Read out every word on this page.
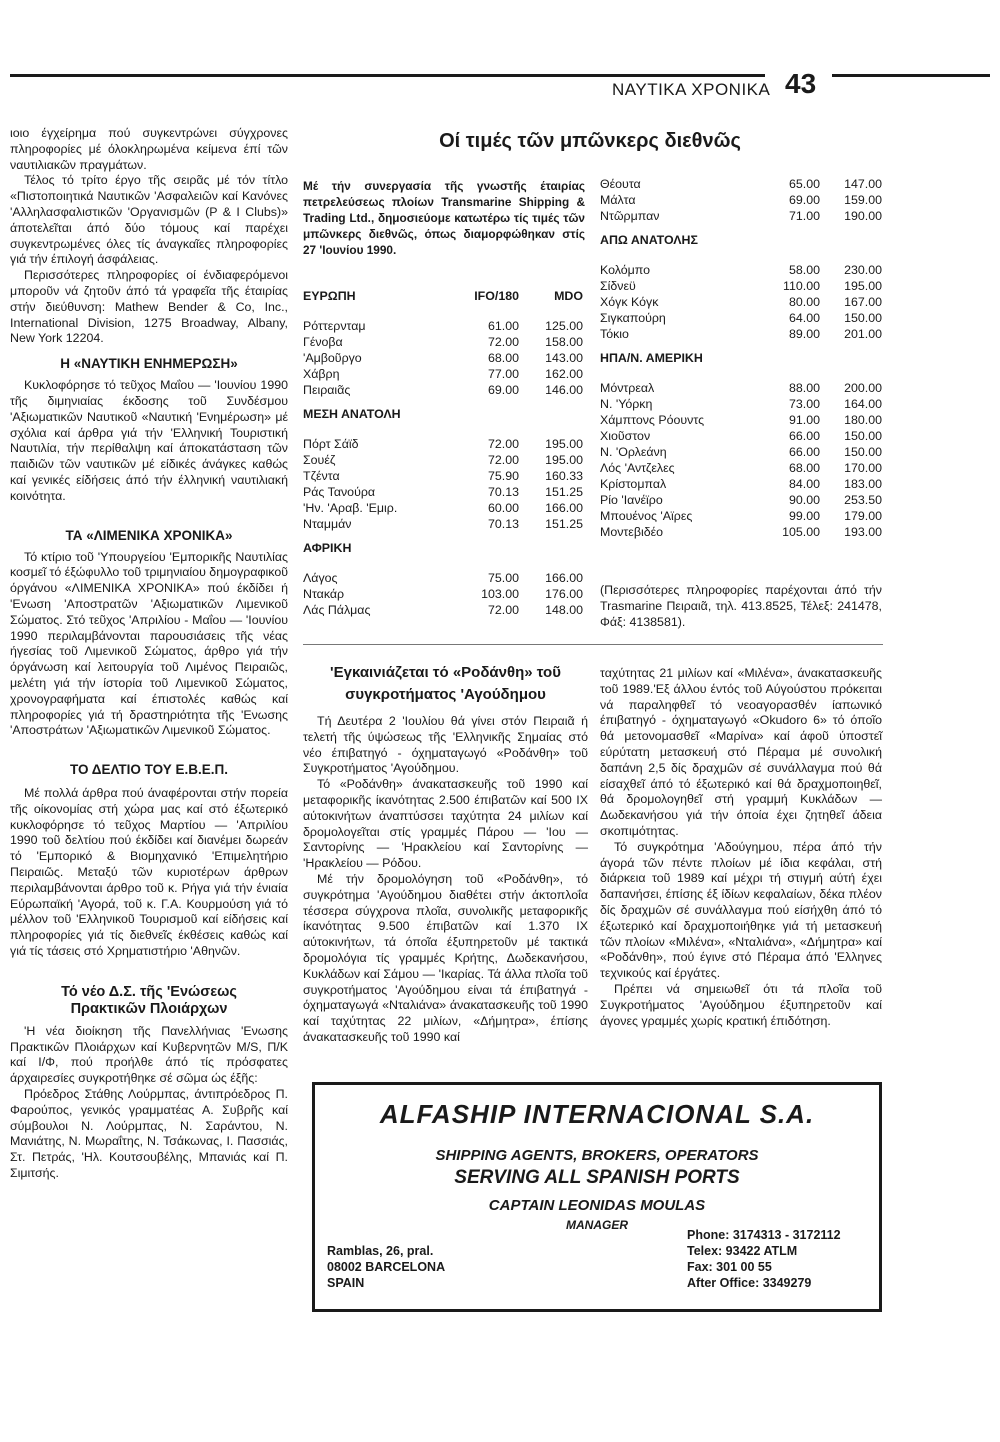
ΝΑΥΤΙΚΑ ΧΡΟΝΙΚΑ 43

ιοιο έγχείρημα πού συγκεντρώνει σύγχρονες πληροφορίες μέ όλοκληρωμένα κείμενα έπί τῶν ναυτιλιακῶν πραγμάτων.

Τέλος τό τρίτο έργο τῆς σειρᾶς μέ τόν τίτλο «Πιστοποιητικά Ναυτικῶν 'Ασφαλειῶν καί Κανόνες 'Αλληλασφαλιστικῶν 'Οργανισμῶν (P & I Clubs)» άποτελεῖται άπό δύο τόμους καί παρέχει συγκεντρωμένες όλες τίς άναγκαῖες πληροφορίες γιά τήν έπιλογή άσφάλειας.

Περισσότερες πληροφορίες οί ένδιαφερόμενοι μποροῦν νά ζητοῦν άπό τά γραφεῖα τῆς έταιρίας στήν διεύθυνση: Mathew Bender & Co, Inc., International Division, 1275 Broadway, Albany, New York 12204.

Η «ΝΑΥΤΙΚΗ ΕΝΗΜΕΡΩΣΗ»

Κυκλοφόρησε τό τεῦχος Μαΐου — 'Ιουνίου 1990 τῆς διμηνιαίας έκδοσης τοῦ Συνδέσμου 'Αξιωματικῶν Ναυτικοῦ «Ναυτική 'Ενημέρωση» μέ σχόλια καί άρθρα γιά τήν 'Ελληνική Τουριστική Ναυτιλία, τήν περίθαλψη καί άποκατάσταση τῶν παιδιῶν τῶν ναυτικῶν μέ είδικές άνάγκες καθώς καί γενικές είδήσεις άπό τήν έλληνική ναυτιλιακή κοινότητα.

ΤΑ «ΛΙΜΕΝΙΚΑ ΧΡΟΝΙΚΑ»

Τό κτίριο τοῦ 'Υπουργείου 'Εμπορικῆς Ναυτιλίας κοσμεῖ τό έξώφυλλο τοῦ τριμηνιαίου δημογραφικοῦ όργάνου «ΛΙΜΕΝΙΚΑ ΧΡΟΝΙΚΑ» πού έκδίδει ή 'Ενωση 'Αποστρατῶν 'Αξιωματικῶν Λιμενικοῦ Σώματος. Στό τεῦχος 'Απριλίου - Μαΐου — 'Ιουνίου 1990 περιλαμβάνονται παρουσιάσεις τῆς νέας ήγεσίας τοῦ Λιμενικοῦ Σώματος, άρθρο γιά τήν όργάνωση καί λειτουργία τοῦ Λιμένος Πειραιῶς, μελέτη γιά τήν ίστορία τοῦ Λιμενικοῦ Σώματος, χρονογραφήματα καί έπιστολές καθώς καί πληροφορίες γιά τή δραστηριότητα τῆς 'Ενωσης 'Αποστράτων 'Αξιωματικῶν Λιμενικοῦ Σώματος.

ΤΟ ΔΕΛΤΙΟ ΤΟΥ Ε.Β.Ε.Π.

Μέ πολλά άρθρα πού άναφέρονται στήν πορεία τῆς οίκονομίας στή χώρα μας καί στό έξωτερικό κυκλοφόρησε τό τεῦχος Μαρτίου — 'Απριλίου 1990 τοῦ δελτίου πού έκδίδει καί διανέμει δωρεάν τό 'Εμπορικό & Βιομηχανικό 'Επιμελητήριο Πειραιῶς. Μεταξύ τῶν κυριοτέρων άρθρων περιλαμβάνονται άρθρο τοῦ κ. Ρήγα γιά τήν ένιαία Εύρωπαϊκή 'Αγορά, τοῦ κ. Γ.Α. Κουρμούση γιά τό μέλλον τοῦ 'Ελληνικοῦ Τουρισμοῦ καί είδήσεις καί πληροφορίες γιά τίς διεθνεῖς έκθέσεις καθώς καί γιά τίς τάσεις στό Χρηματιστήριο 'Αθηνῶν.

Τό νέο Δ.Σ. τῆς 'Ενώσεως
Πρακτικῶν Πλοιάρχων

'Η νέα διοίκηση τῆς Πανελλήνιας 'Ενωσης Πρακτικῶν Πλοιάρχων καί Κυβερνητῶν M/S, Π/Κ καί Ι/Φ, πού προήλθε άπό τίς πρόσφατες άρχαιρεσίες συγκροτήθηκε σέ σῶμα ώς έξῆς:

Πρόεδρος Στάθης Λούρμπας, άντιπρόεδρος Π. Φαρούπος, γενικός γραμματέας Α. Συβρῆς καί σύμβουλοι Ν. Λούρμπας, Ν. Σαράντου, Ν. Μανιάτης, Ν. Μωραΐτης, Ν. Τσάκωνας, Ι. Πασσιάς, Στ. Πετράς, 'Ηλ. Κουτσουβέλης, Μπανιάς καί Π. Σιμιτσής.

Οί τιμές τῶν μπῶνκερς διεθνῶς
Μέ τήν συνεργασία τῆς γνωστῆς έταιρίας πετρελεύσεως πλοίων Transmarine Shipping & Trading Ltd., δημοσιεύομε κατωτέρω τίς τιμές τῶν μπῶνκερς διεθνῶς, όπως διαμορφώθηκαν στίς 27 'Ιουνίου 1990.
ΕΥΡΩΠΗ	IFO/180	MDO

Ρόττερνταμ	61.00	125.00
Γένοβα	72.00	158.00
'Αμβοῦργο	68.00	143.00
Χάβρη	77.00	162.00
Πειραιᾶς	69.00	146.00

ΜΕΣΗ ΑΝΑΤΟΛΗ		

Πόρτ Σάϊδ	72.00	195.00
Σουέζ	72.00	195.00
Τζέντα	75.90	160.33
Ράς Τανούρα	70.13	151.25
'Ην. 'Αραβ. 'Εμιρ.	60.00	166.00
Νταμμάν	70.13	151.25

ΑΦΡΙΚΗ		

Λάγος	75.00	166.00
Ντακάρ	103.00	176.00
Λάς Πάλμας	72.00	148.00
Θέουτα	65.00	147.00
Μάλτα	69.00	159.00
Ντῶρμπαν	71.00	190.00

ΑΠΩ ΑΝΑΤΟΛΗΣ		

Κολόμπο	58.00	230.00
Σίδνεϋ	110.00	195.00
Χόγκ Κόγκ	80.00	167.00
Σιγκαπούρη	64.00	150.00
Τόκιο	89.00	201.00

ΗΠΑ/Ν. ΑΜΕΡΙΚΗ		

Μόντρεαλ	88.00	200.00
Ν. 'Υόρκη	73.00	164.00
Χάμπτονς Ρόουντς	91.00	180.00
Χιοῦστον	66.00	150.00
Ν. 'Ορλεάνη	66.00	150.00
Λός 'Αντζελες	68.00	170.00
Κρίστομπαλ	84.00	183.00
Ρίο 'Ιανέϊρο	90.00	253.50
Μπουένος 'Αϊρες	99.00	179.00
Μοντεβιδέο	105.00	193.00
(Περισσότερες πληροφορίες παρέχονται άπό τήν Trasmarine Πειραιᾶ, τηλ. 413.8525, Τέλεξ: 241478, Φάξ: 4138581).
'Εγκαινιάζεται τό «Ροδάνθη» τοῦ
συγκροτήματος 'Αγούδημου

Τή Δευτέρα 2 'Ιουλίου θά γίνει στόν Πειραιᾶ ή τελετή τῆς ύψώσεως τῆς 'Ελληνικῆς Σημαίας στό νέο έπιβατηγό - όχηματαγωγό «Ροδάνθη» τοῦ Συγκροτήματος 'Αγούδημου.

Τό «Ροδάνθη» άνακατασκευῆς τοῦ 1990 καί μεταφορικῆς ίκανότητας 2.500 έπιβατῶν καί 500 ΙΧ αύτοκινήτων άναπτύσσει ταχύτητα 24 μιλίων καί δρομολογεῖται στίς γραμμές Πάρου — 'Ιου — Σαντορίνης — 'Ηρακλείου καί Σαντορίνης — 'Ηρακλείου — Ρόδου.

Μέ τήν δρομολόγηση τοῦ «Ροδάνθη», τό συγκρότημα 'Αγούδημου διαθέτει στήν άκτοπλοΐα τέσσερα σύγχρονα πλοῖα, συνολικῆς μεταφορικῆς ίκανότητας 9.500 έπιβατῶν καί 1.370 ΙΧ αύτοκινήτων, τά όποῖα έξυπηρετοῦν μέ τακτικά δρομολόγια τίς γραμμές Κρήτης, Δωδεκανήσου, Κυκλάδων καί Σάμου — 'Ικαρίας. Τά άλλα πλοῖα τοῦ συγκροτήματος 'Αγούδημου είναι τά έπιβατηγά - όχηματαγωγά «Νταλιάνα» άνακατασκευῆς τοῦ 1990 καί ταχύτητας 22 μιλίων, «Δήμητρα», έπίσης άνακατασκευῆς τοῦ 1990 καί

ταχύτητας 21 μιλίων καί «Μιλένα», άνακατασκευῆς τοῦ 1989.'Εξ άλλου έντός τοῦ Αύγούστου πρόκειται νά παραληφθεῖ τό νεοαγορασθέν ίαπωνικό έπιβατηγό - όχηματαγωγό «Okudoro 6» τό όποῖο θά μετονομασθεῖ «Μαρίνα» καί άφοῦ ύποστεῖ εύρύτατη μετασκευή στό Πέραμα μέ συνολική δαπάνη 2,5 δίς δραχμῶν σέ συνάλλαγμα πού θά είσαχθεῖ άπό τό έξωτερικό καί θά δραχμοποιηθεῖ, θά δρομολογηθεῖ στή γραμμή Κυκλάδων — Δωδεκανήσου γιά τήν όποία έχει ζητηθεῖ άδεια σκοπιμότητας.

Τό συγκρότημα 'Αδούγημου, πέρα άπό τήν άγορά τῶν πέντε πλοίων μέ ίδια κεφάλαι, στή διάρκεια τοῦ 1989 καί μέχρι τή στιγμή αύτή έχει δαπανήσει, έπίσης έξ ίδίων κεφαλαίων, δέκα πλέον δίς δραχμῶν σέ συνάλλαγμα πού είσήχθη άπό τό έξωτερικό καί δραχμοποιήθηκε γιά τή μετασκευή τῶν πλοίων «Μιλένα», «Νταλιάνα», «Δήμητρα» καί «Ροδάνθη», πού έγινε στό Πέραμα άπό 'Ελληνες τεχνικούς καί έργάτες.

Πρέπει νά σημειωθεῖ ότι τά πλοῖα τοῦ Συγκροτήματος 'Αγούδημου έξυπηρετοῦν καί άγονες γραμμές χωρίς κρατική έπιδότηση.

ALFASHIP INTERNACIONAL S.A.
SHIPPING AGENTS, BROKERS, OPERATORS
SERVING ALL SPANISH PORTS
CAPTAIN LEONIDAS MOULAS
MANAGER
Ramblas, 26, pral.
08002 BARCELONA
SPAIN
Phone: 3174313 - 3172112
Telex: 93422 ATLM
Fax: 301 00 55
After Office: 3349279
